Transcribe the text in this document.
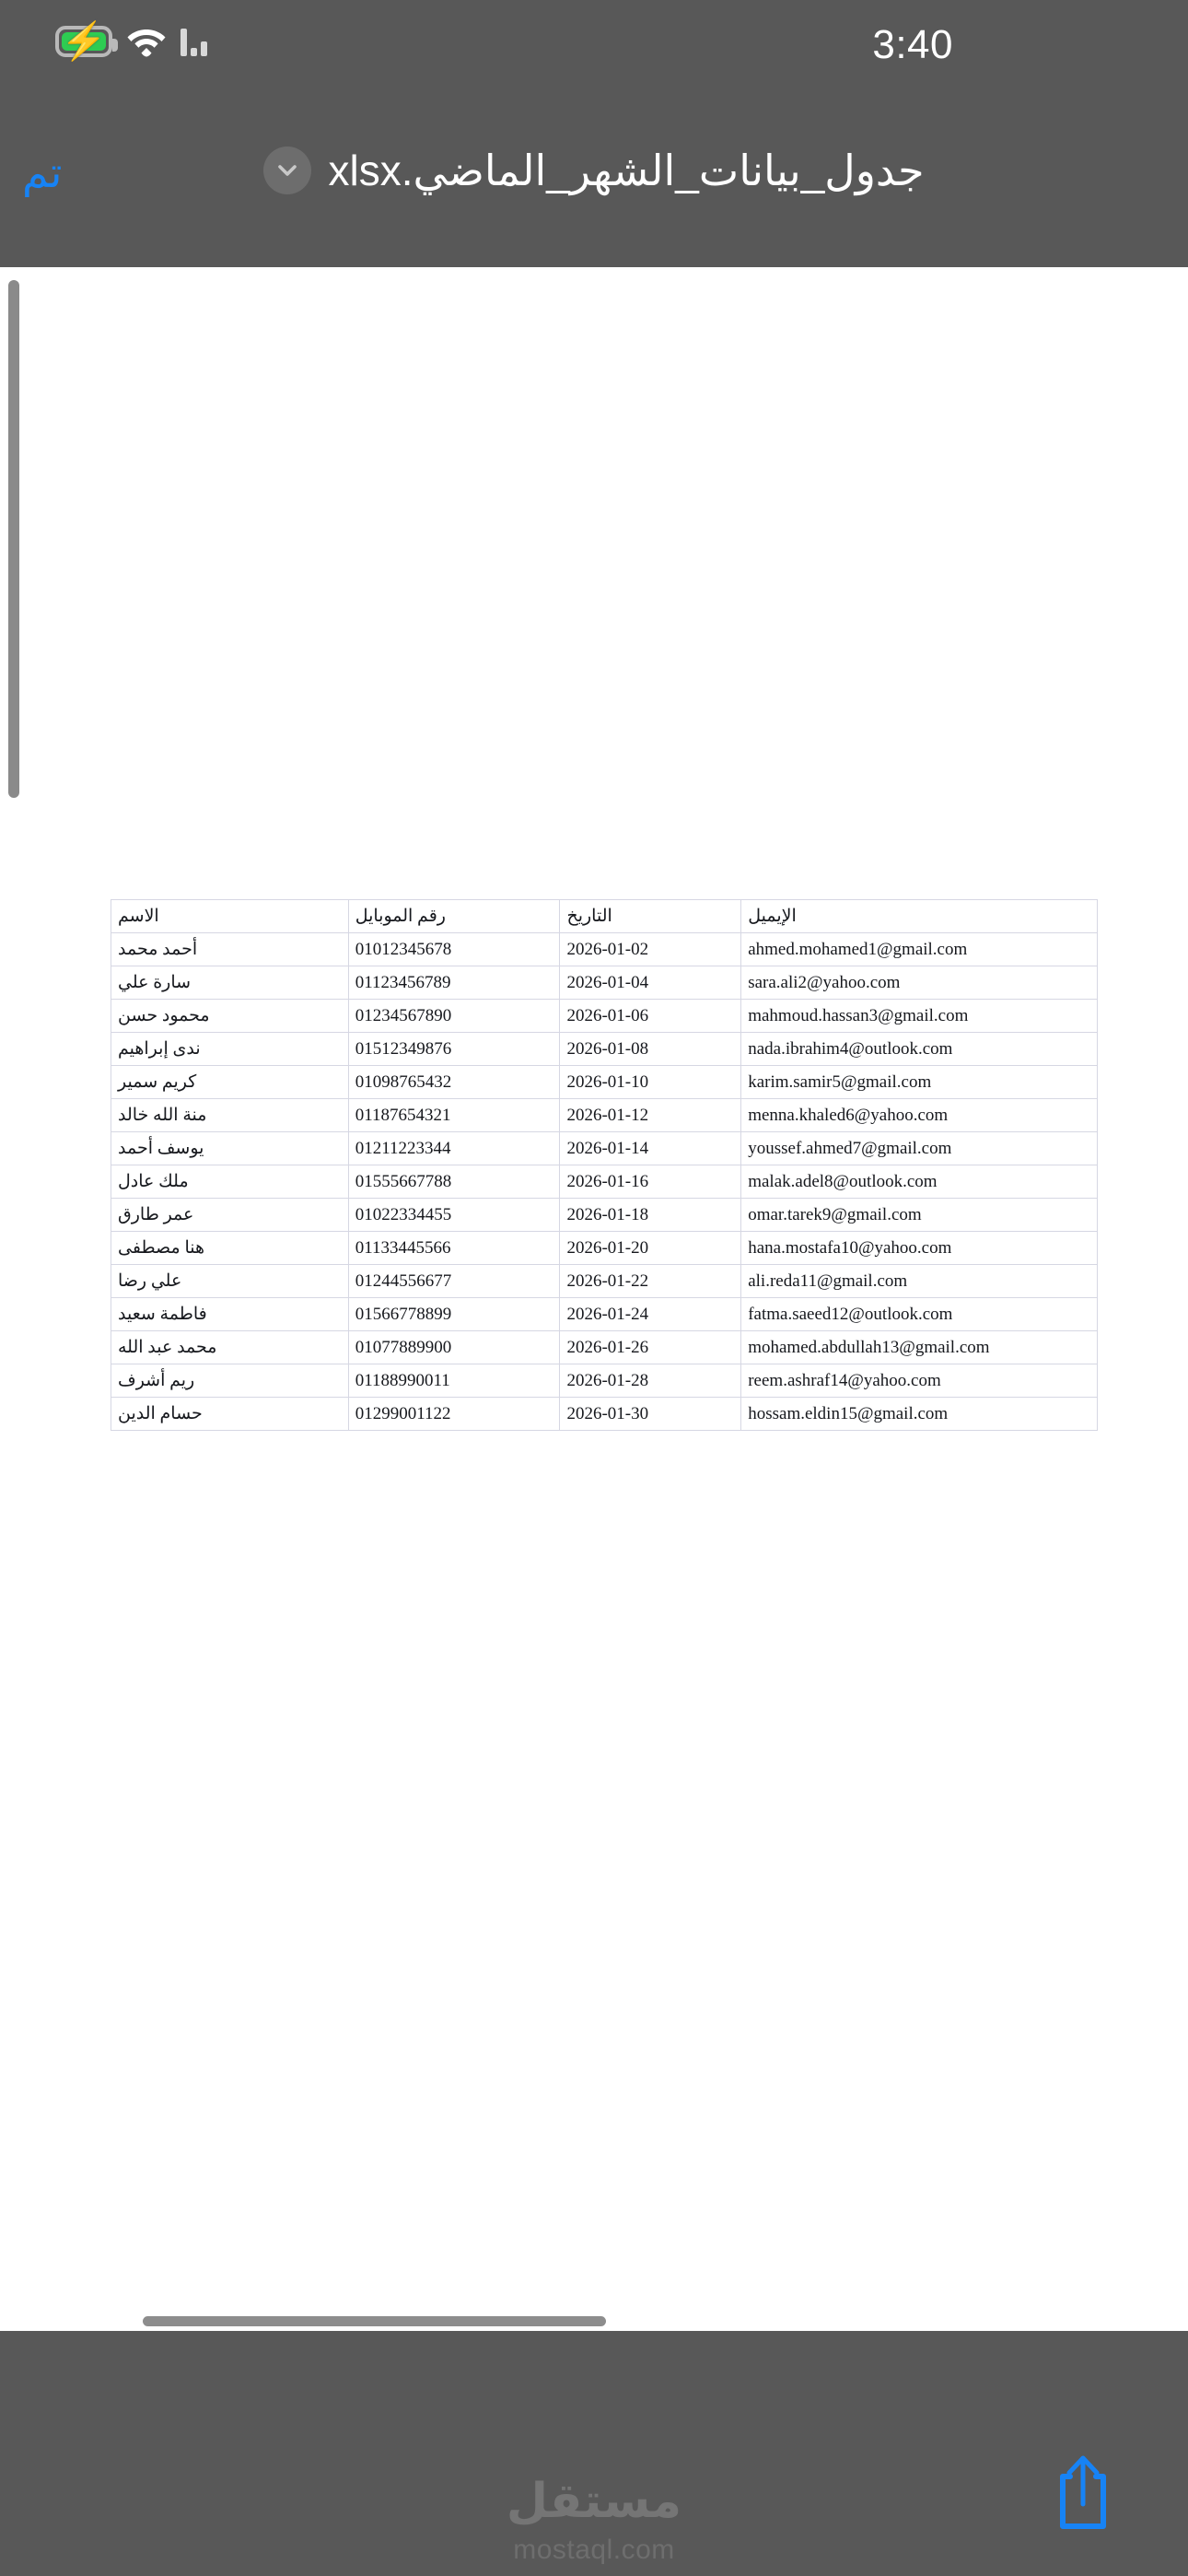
⚡	3:40
تم	جدول_بيانات_الشهر_الماضي.xlsx
الاسم	رقم الموبايل	التاريخ	الإيميل
أحمد محمد	01012345678	2026-01-02	ahmed.mohamed1@gmail.com
سارة علي	01123456789	2026-01-04	sara.ali2@yahoo.com
محمود حسن	01234567890	2026-01-06	mahmoud.hassan3@gmail.com
ندى إبراهيم	01512349876	2026-01-08	nada.ibrahim4@outlook.com
كريم سمير	01098765432	2026-01-10	karim.samir5@gmail.com
منة الله خالد	01187654321	2026-01-12	menna.khaled6@yahoo.com
يوسف أحمد	01211223344	2026-01-14	youssef.ahmed7@gmail.com
ملك عادل	01555667788	2026-01-16	malak.adel8@outlook.com
عمر طارق	01022334455	2026-01-18	omar.tarek9@gmail.com
هنا مصطفى	01133445566	2026-01-20	hana.mostafa10@yahoo.com
علي رضا	01244556677	2026-01-22	ali.reda11@gmail.com
فاطمة سعيد	01566778899	2026-01-24	fatma.saeed12@outlook.com
محمد عبد الله	01077889900	2026-01-26	mohamed.abdullah13@gmail.com
ريم أشرف	01188990011	2026-01-28	reem.ashraf14@yahoo.com
حسام الدين	01299001122	2026-01-30	hossam.eldin15@gmail.com
مستقل
mostaql.com
